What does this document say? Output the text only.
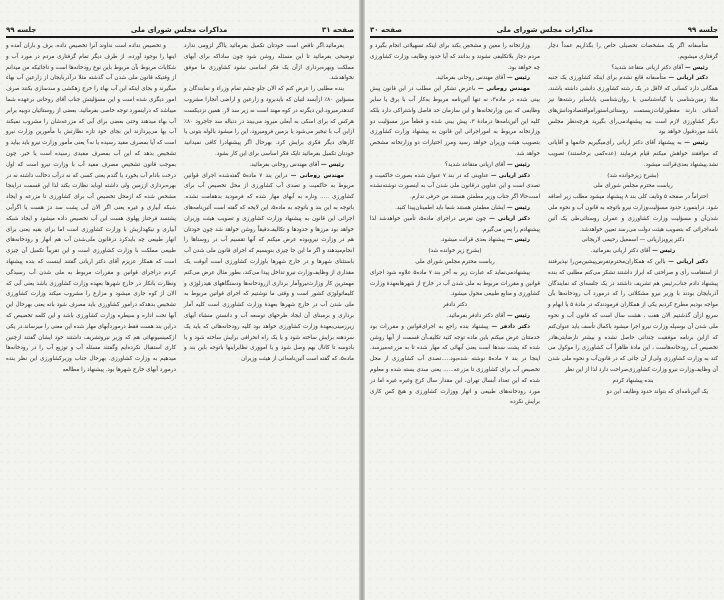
صفحه ۳۱
مذاکرات مجلس شورای ملی
جلسه ۹۹

بفرمائید.اگر ناقص است خودتان تکمیل بفرمائید یااگر لزومی ندارد توضیحی بفرمائید تا این مسئله روشن شود چون ساداکه برای آبهای مملکت وبهره‌برداری ازآن یک فکر اساسی نشود کشاورزی ما موفق نخواهدشد.

بنده مطلبی را عرض کنم که الان جلو چشم تمام وزراء و نمایندگان و مسؤلین ۸۰٪ ازآبسد لتیان که بایدبرود و زارعین و اراضی آنجارا مشروب کندهدرمیرود.این دیگرنه در کوه مهند است نه زیر سد لار. همین نزدیکست هرکس که برای اسکی به آبعلی میرود می‌بیند در دنباله سد جاجرود ۸۰٪ ازاین آب با تبخیر می‌شود یا بزمین فرومیرود، این را میشود بالوله بتونی یا کارهای دیگر فکری برایش کرد. بهرحال اگر پیشنهادرا کافی نمیدانید خودتان تکمیل بفرمائید تایک فکر اساسی برای این کار بشود.

رئیس — آقای مهندس روحانی بفرمائید.

مهندس روحانی — دراین بند ۷ ماده۵ گفته‌شده اجرای قوانین مربوط به حاکمیت و تصدی آب کشاورزی از محل تخصیص آب برای کشاورزی ..... وناره به آبهای مهار شده که فرمودید بدهقامت نشده. باتوجه به این بند و باتوجه به ماده‌۵، این لایحه که گفته است آئین‌نامه‌های اجرائی این قانون به پیشنهاد وزارت کشاورزی و تصویب هیئت وزیران خواهد بود مرزها و حدودها و تکالیف‌دقیقاً روشن خواهد شد چون خودتان هم در وزارت نیروبوده عرض میکنم که آنها تقسیم آب در روستاها را انجام‌میدهند و اگر ما این جا چیزی بنویسیم که اجرای قانون ملی شدن آب باستثنای شهرها و در خارج شهرها باوزارت کشاورزی است آنوقت یک مقداری از وظایف‌وزارت نیرو تداخل پیدا می‌کند، بطور مثال عرض می‌کنم مهمترین کار وزارت‌نیروآمار برداری ازرودخانه‌ها ودستگاههای هیدرلوژی و کلیماتولوژی کشور است و وقتی ما نوشتیم که اجرای قوانین مربوط به ملی شدن آب در خارج شهرها بعهدهٔ وزارت کشاورزی است کلیه آمار برداری و برمبنای آن ایجاد طرحهای توسعه آب و دانستن منشاء آبهای زیرزمینی‌بعهدهٔ وزارت کشاورزی خواهد بود کلیه رودخانه‌هائی که باید یک سردهنه برایش ساخته شود و یا یک راه انحرافی برایش ساخته شود و یا بادوسه تا کانال بهم وصل شود و یا امووری نظایراینها باتوجه باین بند و ماده‌۵، که گفته است آئین‌نامه‌ائی از هیئت وزیران

و تخصیص نداده است نداوند آنرا تخصیص داده، برف و باران آمده و اینها را بوجود آورده. از طرف دیگر تمام گرفتاری مردم در مورد آب و شکایات مربوط بآن مربوط باین نوع رودخانه‌ها است و تاجائیکه من میدانم از وقتیکه قانون ملی شدن آب گذشته مثلا درآذربایجان از زارعین آب بهاء میگیرند و بجای اینکه این آب بهاء را خرج زهکشی و سدسازی بکنند صرف امور دیگری شده است و این مسؤلیتش جناب آقای روحانی برعهده شما میباشد که دراینمورد توجه خاصی بفرمائید. بعضی از روستائیان دوبیه برابر آب بهاء میدهند وحتی بعضی برای آبی که مزرعه‌شان را مشروب نمیکند آب بها می‌پردازند این بجای خود تازه نظارتش با مأمورین وزارت نیرو است که آیا بمصرف مفید رسیده یا نه؟ یعنی مأمور وزارت نیرو باید بیاید و تشخیص بدهد که این آب بمصرف مفیدی رسیده است یا خیر. چون بموجب قانون تشخیص مصرف مفید آب با وزارت نیرو است که اول درخت بادام آب بخورد یا گندم یعنی کسی که نه درآب دخالت داشته نه در بهره‌برداری اززمین ولی داشته اوباید نظارت بکند لذا این قسمت دراینجا مشخص شده که ازمحل تخصیص آب برای کشاورزی تا مزرعه و ایجاد شبکه آبیاری و غیره یعنی اگر الان آبی پشت سد دز هست یا اگرآبی پشتسد فرحناز پهلوی هست این آب تخصیص داده میشود و ایجاد شبکه آبیاری و نیکهداریش با وزارت کشاورزی است اما برای بقیه یعنی برای انهار طبیعی چه بایدکرد درقانون ملی‌شدن آب هم انهار و رودخانه‌های طبیعی مملکت با وزارت کشاورزی است و این تقریباً تکمیل آن چیزی است که همکار عزیزم آقای دکتر اریانی گفتند اینست که بنده پیشنهاد کردم دراجرای قوانین و مقررات مربوط به ملی شدن آب رسیدگی ونظارت بانکار در خارج شهرها بعهده وزارت کشاورزی باشد یعنی آبی که الان از کوه جاری میشود و مزارع را مشروب میکند وزارت کشاورزی تشخیص بدهدکه درامور کشاورزی باید مصرف شود بانه یعنی بهرحال این آبها تحت اداره و سیطره وزارت کشاورزی باشد و این کلمه تخصیص که دراین بند هست فقط درموردآبهای مهار شده این معنی را میرساند.در یکی ازکمیسیونهائی هم که وزیر نیروتشریف داشتند خود ایشان گفتند ازچنین کاری استقبال نکرده‌ایم وگفتند مسئله آب و توزیع آب را در رودخانه‌ها میدهیم به وزارت کشاورزی. بهرحال جناب وزیرکشاورزی این نظر بنده درمورد آبهای خارج شهرها بود. پیشنهاد را مطالعه

جلسه ۹۹
مذاکرات مجلس شورای ملی
صفحه ۳۰

متأسفانه اگر یک مشخصات تحصیلی خاص را بگذاریم عمداً دچار گرفتاری میشویم.

رئیس — آقای دکتر اریانی متقاعد شدید؟

دکتر اریانی — متأسفانه قانع نشدم برای اینکه کشاورزی یک جنبه همگانی دارد کسانی که لااقل در یک رشته کشاورزی دانشی داشته باشند، مثلا زمین‌شناسی یا گیاه‌شناسی یا روان‌شناسی یاباسایر رشته‌ها نیز آشنائی دارند مقطورلیات‌زیستمت روستائی‌استورامواقتصادودانش‌های دیگر کشاورزی لازم است بیه پیشنهادمی‌رأی بگیرید هرچه‌نظر مجلس باشد موردقبول خواهد بود

رئیس — به پیشنهاد آقای دکتر اریانی رأی‌میگیریم خانمها و آقایانی که موافقند خواهش میکنم قیام فرمایند (عده‌کمی برخاستند) تصویب نشد.پیشنهاد بعدی‌قرائت میشود.

(بشرح زیرخوانده شد)

ریاست محترم مجلس شورای ملی

احتراماً در صفحه ۵ وتایف کلی بند ۸ پیشنهاد میشود مطلب زیر اضافه شود. دراینمورد حدود مسؤلیت‌وزارت نیرو باتوجه به قانون آب و نحوه ملی شدن‌آن و مسؤلیت وزارت کشاورزی و عمران روستائی‌طی یک آئین نامه‌اجرائی که بتصویب هیئت دولت می‌رسد تعیین خواهدشد.

دکتر پرویزاریانی — اسمعیل رحیمی لاریجانی

رئیس — آقای دکتر اریانی بفرمائید.

دکتر اریانی — بااین که همکاران‌محترم‌تفرس‌پیشین‌من‌را نپذیرفتند از استقامت رأی و صراحتی که ابراز داشتند تشکر می‌کنم مطلبی که بنده پیشنهاد دادم جناب‌رئیس هم تشریف داشتند در یک جلسه‌ای که نمایندگان آذربایجان بودند با وزیر نیرو مشکلاتی را که درمورد آب رودخانه‌ها بآن مواجه بودیم مطرح کردیم یکی از همکاران فرمودندکه در مادهٔ ۵ با ابهام و سریع ازآن گذشتیم الان هفت ، هشت سال است که قانون آب و نحوه ملی شدن آن بوسیله وزارت نیرو اجرا میشود باکمال تأسف باید عنوان‌کنم که ازاین برنامه موفقیت چندانی حاصل نشده‌ و بیشتر نارضایتی‌هادر تخصیص آب رودخانه‌هاست ، این مادهٔ ظاهراً آب کشاورزی را موکول می کند به وزارت کشاورزی ولی‌از آن جائی که در قانون‌آب و نحوه ملی شدن آن وظایف‌وزارت نیرو وزارت کشاورزی‌صراحت دارد لذا از این نظر

بنده پیشنهاد کردم

یک آئین‌نامه‌ای که بتواند حدود وظایف این دو

وزارتخانه را معین و مشخص بکند برای اینکه تسهیلاتی انجام بگیرد و مردم دچار بلاتکلیفی نشوند و بدانند که آیا حدود وظایف وزارت کشاورزی چه خواهد بود.

رئیس — آقای مهندس روحانی بفرمائید.

مهندس روحانی — باعرض تشکر این مطلب در این قانون پیش بینی شده در ماده‌۳، نه تنها آئین‌نامه مربوط به‌کار آب با برق یا سایر وظایفی که بین وزارتخانه‌ها و این سازمان حد فاصل واشتراکی دارد بلکه کلیه این آئین‌نامه‌ها درمادهٔ ۳، پیش بینی شده و قطعاً مرز مسؤلیت دو وزارتخانه مربوط به اموراجرائی این قانون به پیشنهاد وزارت کشاورزی بتصویب هیئت وزیران خواهد رسید ومرز اختیارات دو وزارتخانه مشخص خواهد شد.

رئیس — آقای اریانی متقاعد شدید؟

دکتر اریانی — عناوینی که در بند ۷ عنوان شده بصورت حاکمیت و تصدی است و این عناوین درقانون ملی شدن آب به اینصورت نوشته‌نشده است‌حالا اگر جناب وزیر مطمئن هستند من حرفی ندارم.

رئیس — ایشان مطمئن هستند شما باید اطمینان‌پیدا کنید.

دکتر اریانی — چون تفرس دراجرای ماده‌۵، تأمین خواهدشد لذا پیشنهادم را پس می‌گیرم.

رئیس — پیشنهاد بعدی قرائت میشود.

(بشرح زیر خوانده شد)

ریاست محترم مجلس شورای ملی

پیشنهادمی‌نماید که عبارت زیر به آخر بند ۷ ماده‌۵ علاوه شود اجرای قوانین و مقررات مربوط به ملی شدن آب در خارج از شهرهابعهدهٔ وزارت کشاورزی و منابع طبیعی محول میشود.

دکتر دادفر

رئیس — آقای دکتر دادفر بفرمائید.

دکتر دادفر — پیشنهاد بنده راجع به اجرای‌قوانین و مقررات بود خدمتتان عرض میکنم باین ماده توجه کنید تکلیف‌آن قسمت از آبها روشن شده که پشت سدها است یعنی آبهائی که مهار شده تا به مزرعه‌میرسد. اینجا در بند ۷ ماده‌۵ نوشته شده‌بود.....تصدی آب کشاورزی از محل تخصیص آب برای کشاورزی تا مزرعه...... یعنی سدی بسته شده و معلوم شده که این تعداد آبسال تهران، این مقدار سال کرج وغیره غیره اما در مورد رودخانه‌های طبیعی و انهار ووزارت کشاورزی و هیچ کس کاری برایش نکرده
